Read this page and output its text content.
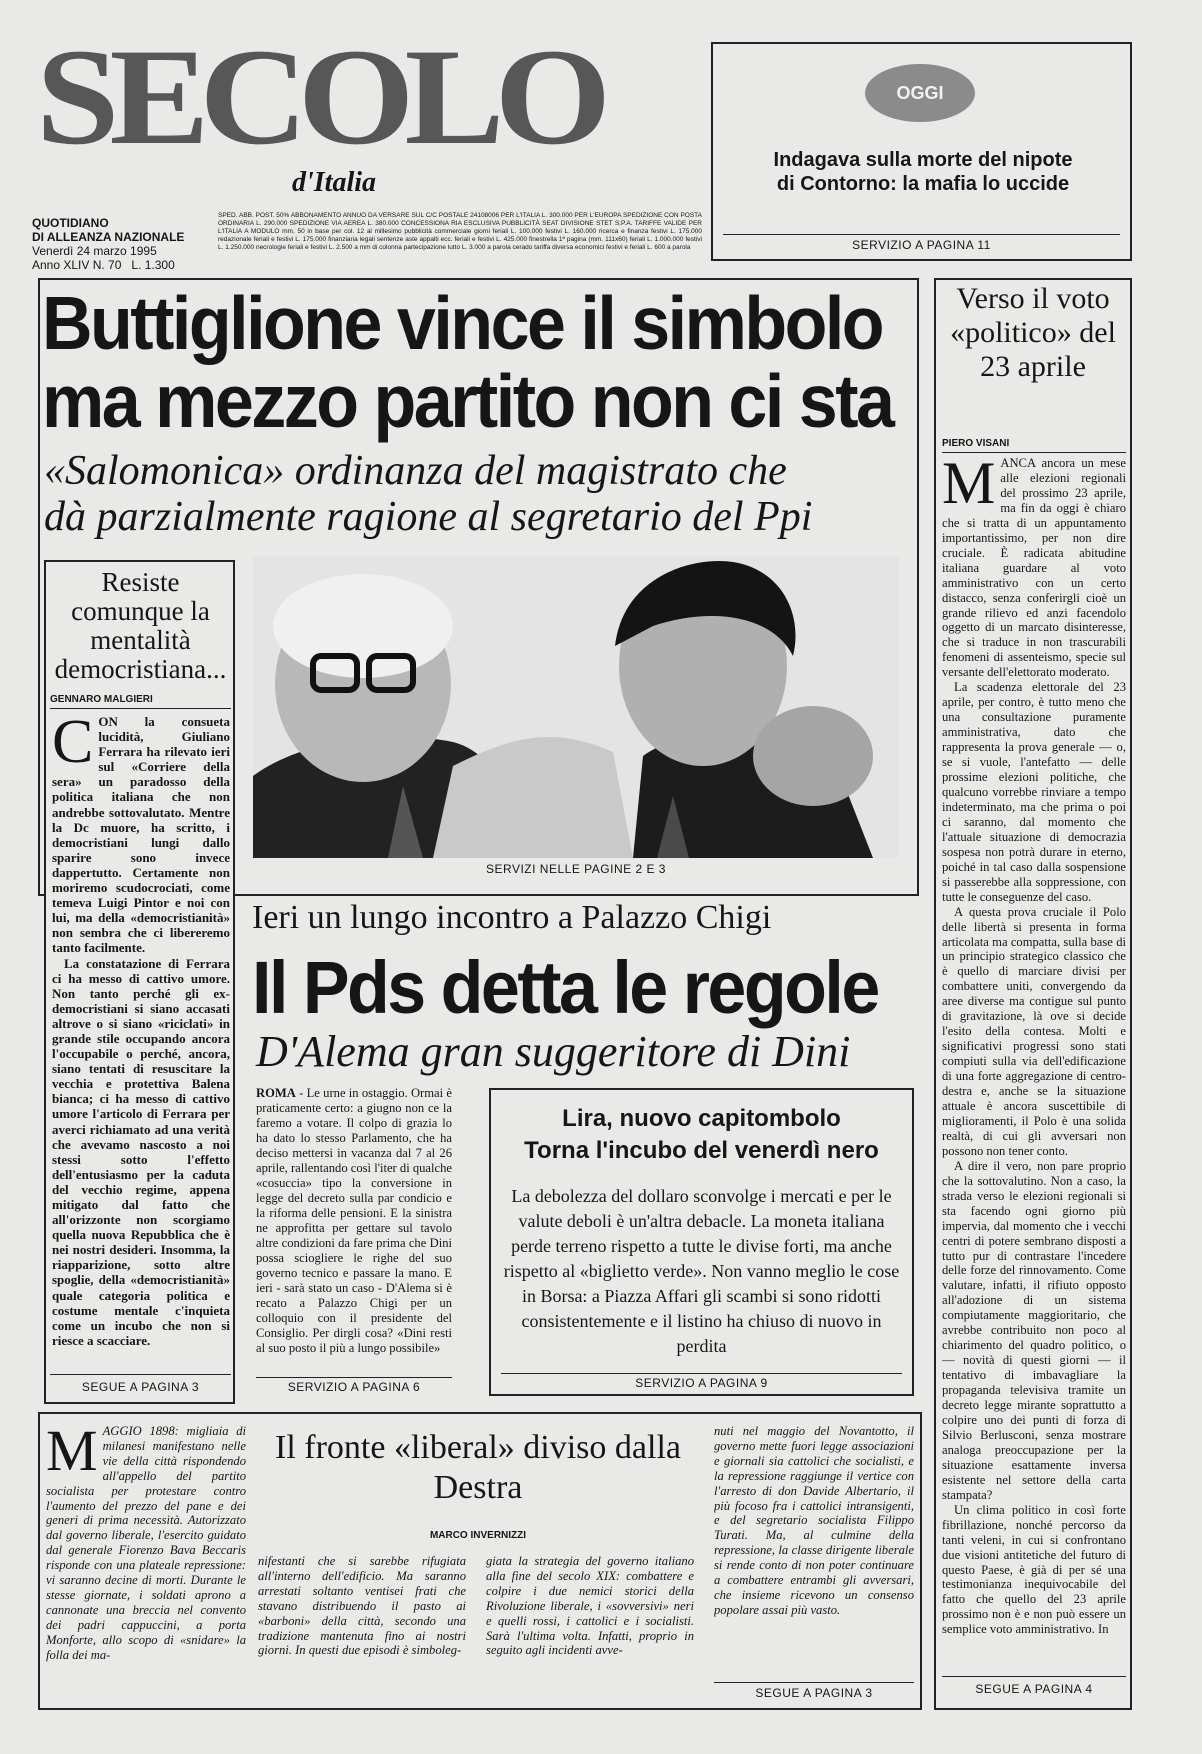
SECOLO
d'Italia
QUOTIDIANO
DI ALLEANZA NAZIONALE
Venerdì 24 marzo 1995
Anno XLIV N. 70   L. 1.300
SPED. ABB. POST. 50% ABBONAMENTO ANNUO DA VERSARE SUL C/C POSTALE 24108006 PER L'ITALIA L. 300.000 PER L'EUROPA SPEDIZIONE CON POSTA ORDINARIA L. 290.000 SPEDIZIONE VIA AEREA L. 380.000 CONCESSIONA RIA ESCLUSIVA PUBBLICITÀ SEAT DIVISIONE STET S.P.A. TARIFFE VALIDE PER L'ITALIA A MODULO mm. 50 in base per col. 12 al millesimo pubblicità commerciale giorni feriali L. 100.000 festivi L. 160.000 ricerca e finanza festivi L. 175.000 redazionale feriali e festivi L. 175.000 finanziaria legali sentenze aste appalti ecc. feriali e festivi L. 425.000 finestrella 1ª pagina (mm. 111x60) feriali L. 1.000.000 festivi L. 1.250.000 necrologie feriali e festivi L. 2.500 a mm di colonna partecipazione lutto L. 3.000 a parola cerado tariffa diversa economici festivi e feriali L. 600 a parola
OGGI
Indagava sulla morte del nipote di Contorno: la mafia lo uccide
SERVIZIO A PAGINA 11
Buttiglione vince il simbolo
ma mezzo partito non ci sta
«Salomonica» ordinanza del magistrato che dà parzialmente ragione al segretario del Ppi
SERVIZI NELLE PAGINE 2 E 3
Resiste comunque la mentalità democristiana...
GENNARO MALGIERI
C ON la consueta lucidità, Giuliano Ferrara ha rilevato ieri sul «Corriere della sera» un paradosso della politica italiana che non andrebbe sottovalutato. Mentre la Dc muore, ha scritto, i democristiani lungi dallo sparire sono invece dappertutto. Certamente non moriremo scudocrociati, come temeva Luigi Pintor e noi con lui, ma della «democristianità» non sembra che ci libereremo tanto facilmente.
La constatazione di Ferrara ci ha messo di cattivo umore. Non tanto perché gli ex-democristiani si siano accasati altrove o si siano «riciclati» in grande stile occupando ancora l'occupabile o perché, ancora, siano tentati di resuscitare la vecchia e protettiva Balena bianca; ci ha messo di cattivo umore l'articolo di Ferrara per averci richiamato ad una verità che avevamo nascosto a noi stessi sotto l'effetto dell'entusiasmo per la caduta del vecchio regime, appena mitigato dal fatto che all'orizzonte non scorgiamo quella nuova Repubblica che è nei nostri desideri. Insomma, la riapparizione, sotto altre spoglie, della «democristianità» quale categoria politica e costume mentale c'inquieta come un incubo che non si riesce a scacciare.
SEGUE A PAGINA 3
Ieri un lungo incontro a Palazzo Chigi
Il Pds detta le regole
D'Alema gran suggeritore di Dini
ROMA - Le urne in ostaggio. Ormai è praticamente certo: a giugno non ce la faremo a votare. Il colpo di grazia lo ha dato lo stesso Parlamento, che ha deciso mettersi in vacanza dal 7 al 26 aprile, rallentando così l'iter di qualche «cosuccia» tipo la conversione in legge del decreto sulla par condicio e la riforma delle pensioni. E la sinistra ne approfitta per gettare sul tavolo altre condizioni da fare prima che Dini possa sciogliere le righe del suo governo tecnico e passare la mano. E ieri - sarà stato un caso - D'Alema si è recato a Palazzo Chigi per un colloquio con il presidente del Consiglio. Per dirgli cosa? «Dini resti al suo posto il più a lungo possibile»
SERVIZIO A PAGINA 6
Lira, nuovo capitombolo
Torna l'incubo del venerdì nero
La debolezza del dollaro sconvolge i mercati e per le valute deboli è un'altra debacle. La moneta italiana perde terreno rispetto a tutte le divise forti, ma anche rispetto al «biglietto verde». Non vanno meglio le cose in Borsa: a Piazza Affari gli scambi si sono ridotti consistentemente e il listino ha chiuso di nuovo in perdita
SERVIZIO A PAGINA 9
Verso il voto «politico» del 23 aprile
PIERO VISANI
M ANCA ancora un mese alle elezioni regionali del prossimo 23 aprile, ma fin da oggi è chiaro che si tratta di un appuntamento importantissimo, per non dire cruciale. È radicata abitudine italiana guardare al voto amministrativo con un certo distacco, senza conferirgli cioè un grande rilievo ed anzi facendolo oggetto di un marcato disinteresse, che si traduce in non trascurabili fenomeni di assenteismo, specie sul versante dell'elettorato moderato.
La scadenza elettorale del 23 aprile, per contro, è tutto meno che una consultazione puramente amministrativa, dato che rappresenta la prova generale — o, se si vuole, l'antefatto — delle prossime elezioni politiche, che qualcuno vorrebbe rinviare a tempo indeterminato, ma che prima o poi ci saranno, dal momento che l'attuale situazione di democrazia sospesa non potrà durare in eterno, poiché in tal caso dalla sospensione si passerebbe alla soppressione, con tutte le conseguenze del caso.
A questa prova cruciale il Polo delle libertà si presenta in forma articolata ma compatta, sulla base di un principio strategico classico che è quello di marciare divisi per combattere uniti, convergendo da aree diverse ma contigue sul punto di gravitazione, là ove si decide l'esito della contesa. Molti e significativi progressi sono stati compiuti sulla via dell'edificazione di una forte aggregazione di centro-destra e, anche se la situazione attuale è ancora suscettibile di miglioramenti, il Polo è una solida realtà, di cui gli avversari non possono non tener conto.
A dire il vero, non pare proprio che la sottovalutino. Non a caso, la strada verso le elezioni regionali si sta facendo ogni giorno più impervia, dal momento che i vecchi centri di potere sembrano disposti a tutto pur di contrastare l'incedere delle forze del rinnovamento. Come valutare, infatti, il rifiuto opposto all'adozione di un sistema compiutamente maggioritario, che avrebbe contribuito non poco al chiarimento del quadro politico, o — novità di questi giorni — il tentativo di imbavagliare la propaganda televisiva tramite un decreto legge mirante soprattutto a colpire uno dei punti di forza di Silvio Berlusconi, senza mostrare analoga preoccupazione per la situazione esattamente inversa esistente nel settore della carta stampata?
Un clima politico in così forte fibrillazione, nonché percorso da tanti veleni, in cui si confrontano due visioni antitetiche del futuro di questo Paese, è già di per sé una testimonianza inequivocabile del fatto che quello del 23 aprile prossimo non è e non può essere un semplice voto amministrativo. In
SEGUE A PAGINA 4
M AGGIO 1898: migliaia di milanesi manifestano nelle vie della città rispondendo all'appello del partito socialista per protestare contro l'aumento del prezzo del pane e dei generi di prima necessità. Autorizzato dal governo liberale, l'esercito guidato dal generale Fiorenzo Bava Beccaris risponde con una plateale repressione: vi saranno decine di morti. Durante le stesse giornate, i soldati aprono a cannonate una breccia nel convento dei padri cappuccini, a porta Monforte, allo scopo di «snidare» la folla dei ma-
Il fronte «liberal» diviso dalla Destra
MARCO INVERNIZZI
nifestanti che si sarebbe rifugiata all'interno dell'edificio. Ma saranno arrestati soltanto ventisei frati che stavano distribuendo il pasto ai «barboni» della città, secondo una tradizione mantenuta fino ai nostri giorni. In questi due episodi è simboleg-
giata la strategia del governo italiano alla fine del secolo XIX: combattere e colpire i due nemici storici della Rivoluzione liberale, i «sovversivi» neri e quelli rossi, i cattolici e i socialisti. Sarà l'ultima volta. Infatti, proprio in seguito agli incidenti avve-
nuti nel maggio del Novantotto, il governo mette fuori legge associazioni e giornali sia cattolici che socialisti, e la repressione raggiunge il vertice con l'arresto di don Davide Albertario, il più focoso fra i cattolici intransigenti, e del segretario socialista Filippo Turati. Ma, al culmine della repressione, la classe dirigente liberale si rende conto di non poter continuare a combattere entrambi gli avversari, che insieme ricevono un consenso popolare assai più vasto.
SEGUE A PAGINA 3
